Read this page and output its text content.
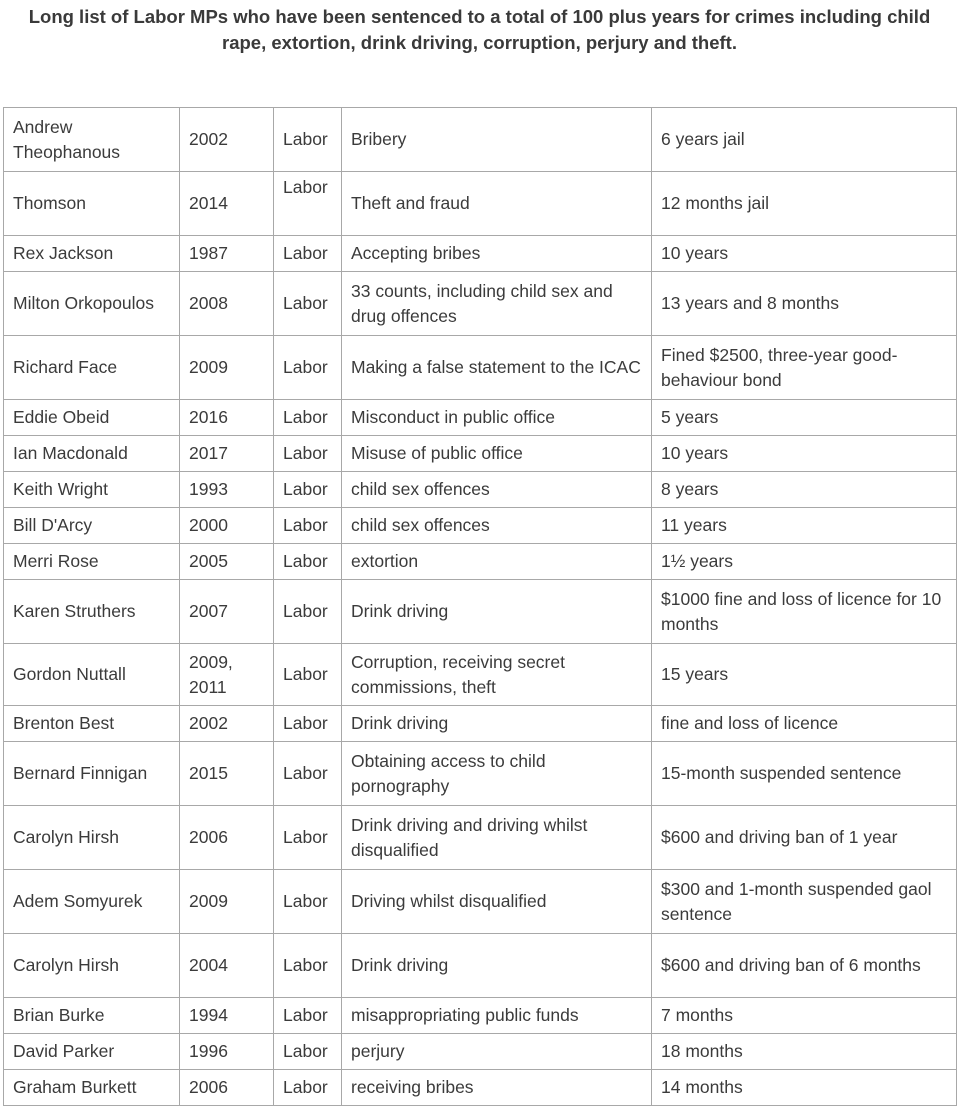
Long list of Labor MPs who have been sentenced to a total of 100 plus years for crimes including child rape, extortion, drink driving, corruption, perjury and theft.
Andrew Theophanous	2002	Labor	Bribery	6 years jail
Thomson	2014	Labor	Theft and fraud	12 months jail
Rex Jackson	1987	Labor	Accepting bribes	10 years
Milton Orkopoulos	2008	Labor	33 counts, including child sex and drug offences	13 years and 8 months
Richard Face	2009	Labor	Making a false statement to the ICAC	Fined $2500, three-year good-behaviour bond
Eddie Obeid	2016	Labor	Misconduct in public office	5 years
Ian Macdonald	2017	Labor	Misuse of public office	10 years
Keith Wright	1993	Labor	child sex offences	8 years
Bill D'Arcy	2000	Labor	child sex offences	11 years
Merri Rose	2005	Labor	extortion	1½ years
Karen Struthers	2007	Labor	Drink driving	$1000 fine and loss of licence for 10 months
Gordon Nuttall	2009, 2011	Labor	Corruption, receiving secret commissions, theft	15 years
Brenton Best	2002	Labor	Drink driving	fine and loss of licence
Bernard Finnigan	2015	Labor	Obtaining access to child pornography	15-month suspended sentence
Carolyn Hirsh	2006	Labor	Drink driving and driving whilst disqualified	$600 and driving ban of 1 year
Adem Somyurek	2009	Labor	Driving whilst disqualified	$300 and 1-month suspended gaol sentence
Carolyn Hirsh	2004	Labor	Drink driving	$600 and driving ban of 6 months
Brian Burke	1994	Labor	misappropriating public funds	7 months
David Parker	1996	Labor	perjury	18 months
Graham Burkett	2006	Labor	receiving bribes	14 months
